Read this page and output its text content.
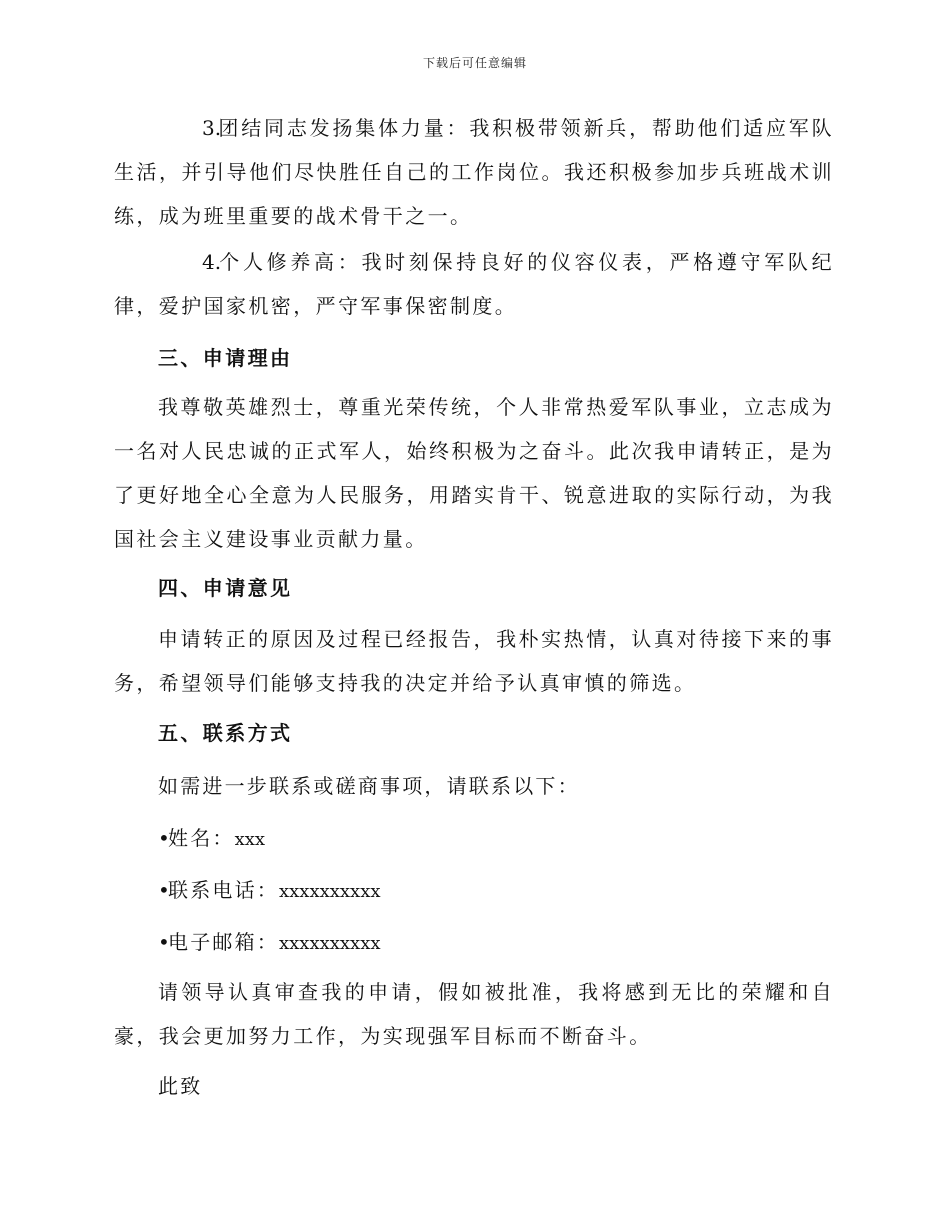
下载后可任意编辑
3.团结同志发扬集体力量：我积极带领新兵，帮助他们适应军队生活，并引导他们尽快胜任自己的工作岗位。我还积极参加步兵班战术训练，成为班里重要的战术骨干之一。
4.个人修养高：我时刻保持良好的仪容仪表，严格遵守军队纪律，爱护国家机密，严守军事保密制度。
三、申请理由
我尊敬英雄烈士，尊重光荣传统，个人非常热爱军队事业，立志成为一名对人民忠诚的正式军人，始终积极为之奋斗。此次我申请转正，是为了更好地全心全意为人民服务，用踏实肯干、锐意进取的实际行动，为我国社会主义建设事业贡献力量。
四、申请意见
申请转正的原因及过程已经报告，我朴实热情，认真对待接下来的事务，希望领导们能够支持我的决定并给予认真审慎的筛选。
五、联系方式
如需进一步联系或磋商事项，请联系以下：
•姓名：xxx
•联系电话：xxxxxxxxxx
•电子邮箱：xxxxxxxxxx
请领导认真审查我的申请，假如被批准，我将感到无比的荣耀和自豪，我会更加努力工作，为实现强军目标而不断奋斗。
此致
